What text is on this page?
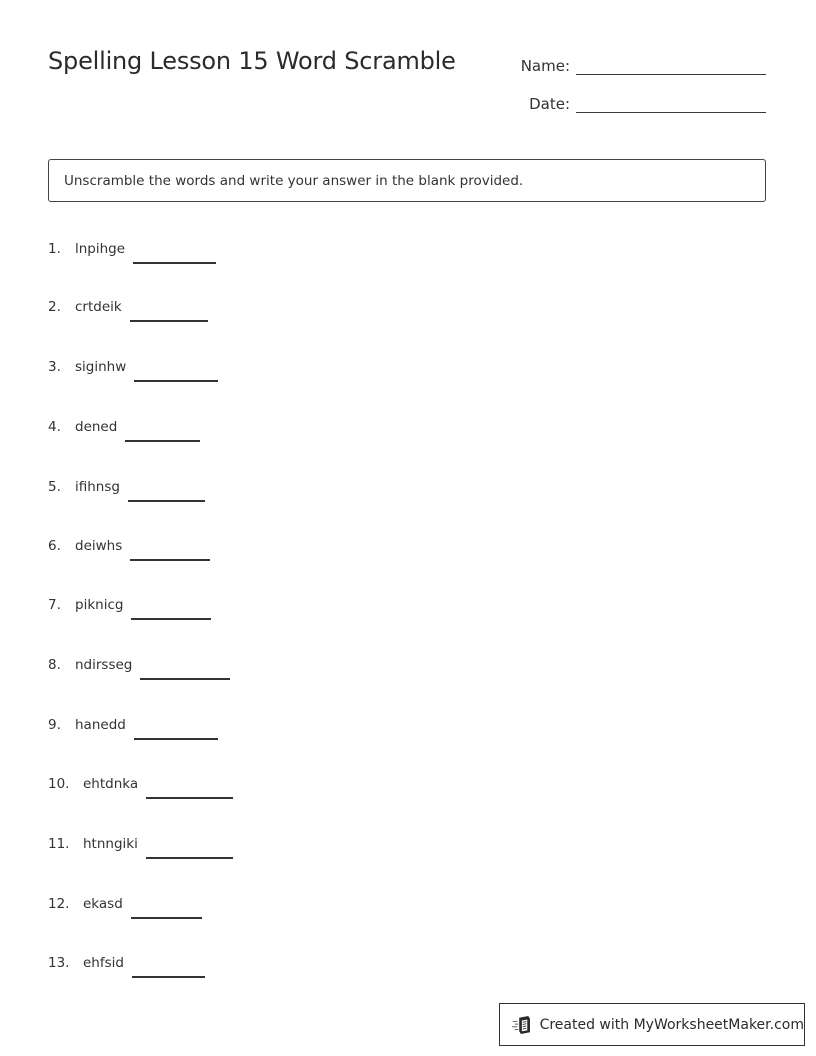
Spelling Lesson 15 Word Scramble	Name:
Date:
Unscramble the words and write your answer in the blank provided.
1.	lnpihge
2.	crtdeik
3.	siginhw
4.	dened
5.	ifihnsg
6.	deiwhs
7.	piknicg
8.	ndirsseg
9.	hanedd
10.	ehtdnka
11.	htnngiki
12.	ekasd
13.	ehfsid
Created with MyWorksheetMaker.com
